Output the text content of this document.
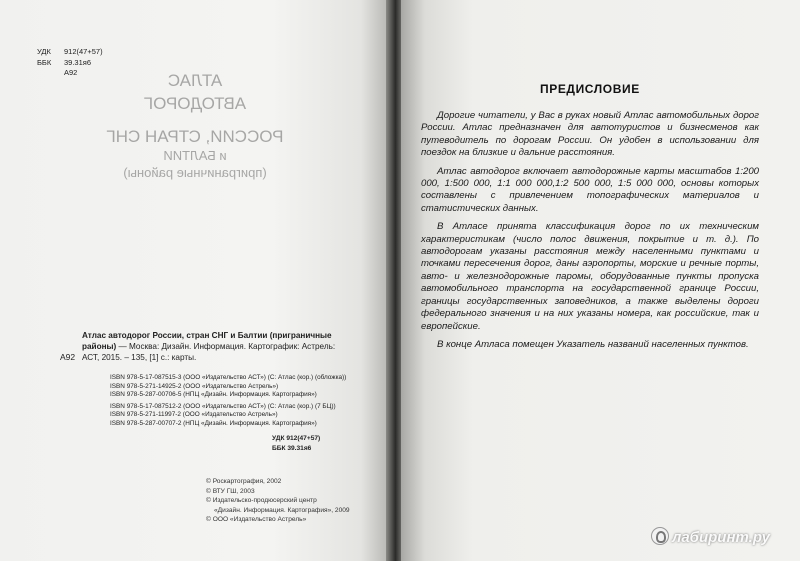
УДК 912(47+57)
ББК 39.31я6
А92	АТЛАС
АВТОДОРОГ
РОССИИ, СТРАН СНГ
и БАЛТИИ
(приграничные районы)
А92
Атлас автодорог России, стран СНГ и Балтии (приграничные районы) — Москва: Дизайн. Информация. Картографик: Астрель: АСТ, 2015. – 135, [1] с.: карты.
ISBN 978-5-17-087515-3 (ООО «Издательство АСТ») (С: Атлас (кор.) (обложка))
ISBN 978-5-271-14925-2 (ООО «Издательство Астрель»)
ISBN 978-5-287-00706-5 (НПЦ «Дизайн. Информация. Картография»)
ISBN 978-5-17-087512-2 (ООО «Издательство АСТ») (С: Атлас (кор.) (7 БЦ))
ISBN 978-5-271-11997-2 (ООО «Издательство Астрель»)
ISBN 978-5-287-00707-2 (НПЦ «Дизайн. Информация. Картография»)
УДК 912(47+57)
ББК 39.31я6
© Роскартография, 2002
© ВТУ ГШ, 2003
© Издательско-продюсерский центр
«Дизайн. Информация. Картография», 2009
© ООО «Издательство Астрель»
ПРЕДИСЛОВИЕ

Дорогие читатели, у Вас в руках новый Атлас автомобильных дорог России. Атлас предназначен для автотуристов и бизнесменов как путеводитель по дорогам России. Он удобен в использовании для поездок на близкие и дальние расстояния.

Атлас автодорог включает автодорожные карты масштабов 1:200 000, 1:500 000, 1:1 000 000,1:2 500 000, 1:5 000 000, основы которых составлены с привлечением топографических материалов и статистических данных.

В Атласе принята классификация дорог по их техническим характеристикам (число полос движения, покрытие и т. д.). По автодорогам указаны расстояния между населенными пунктами и точками пересечения дорог, даны аэропорты, морские и речные порты, авто- и железнодорожные паромы, оборудованные пункты пропуска автомобильного транспорта на государственной границе России, границы государственных заповедников, а также выделены дороги федерального значения и на них указаны номера, как российские, так и европейские.

В конце Атласа помещен Указатель названий населенных пунктов.

лабиринт.ру
